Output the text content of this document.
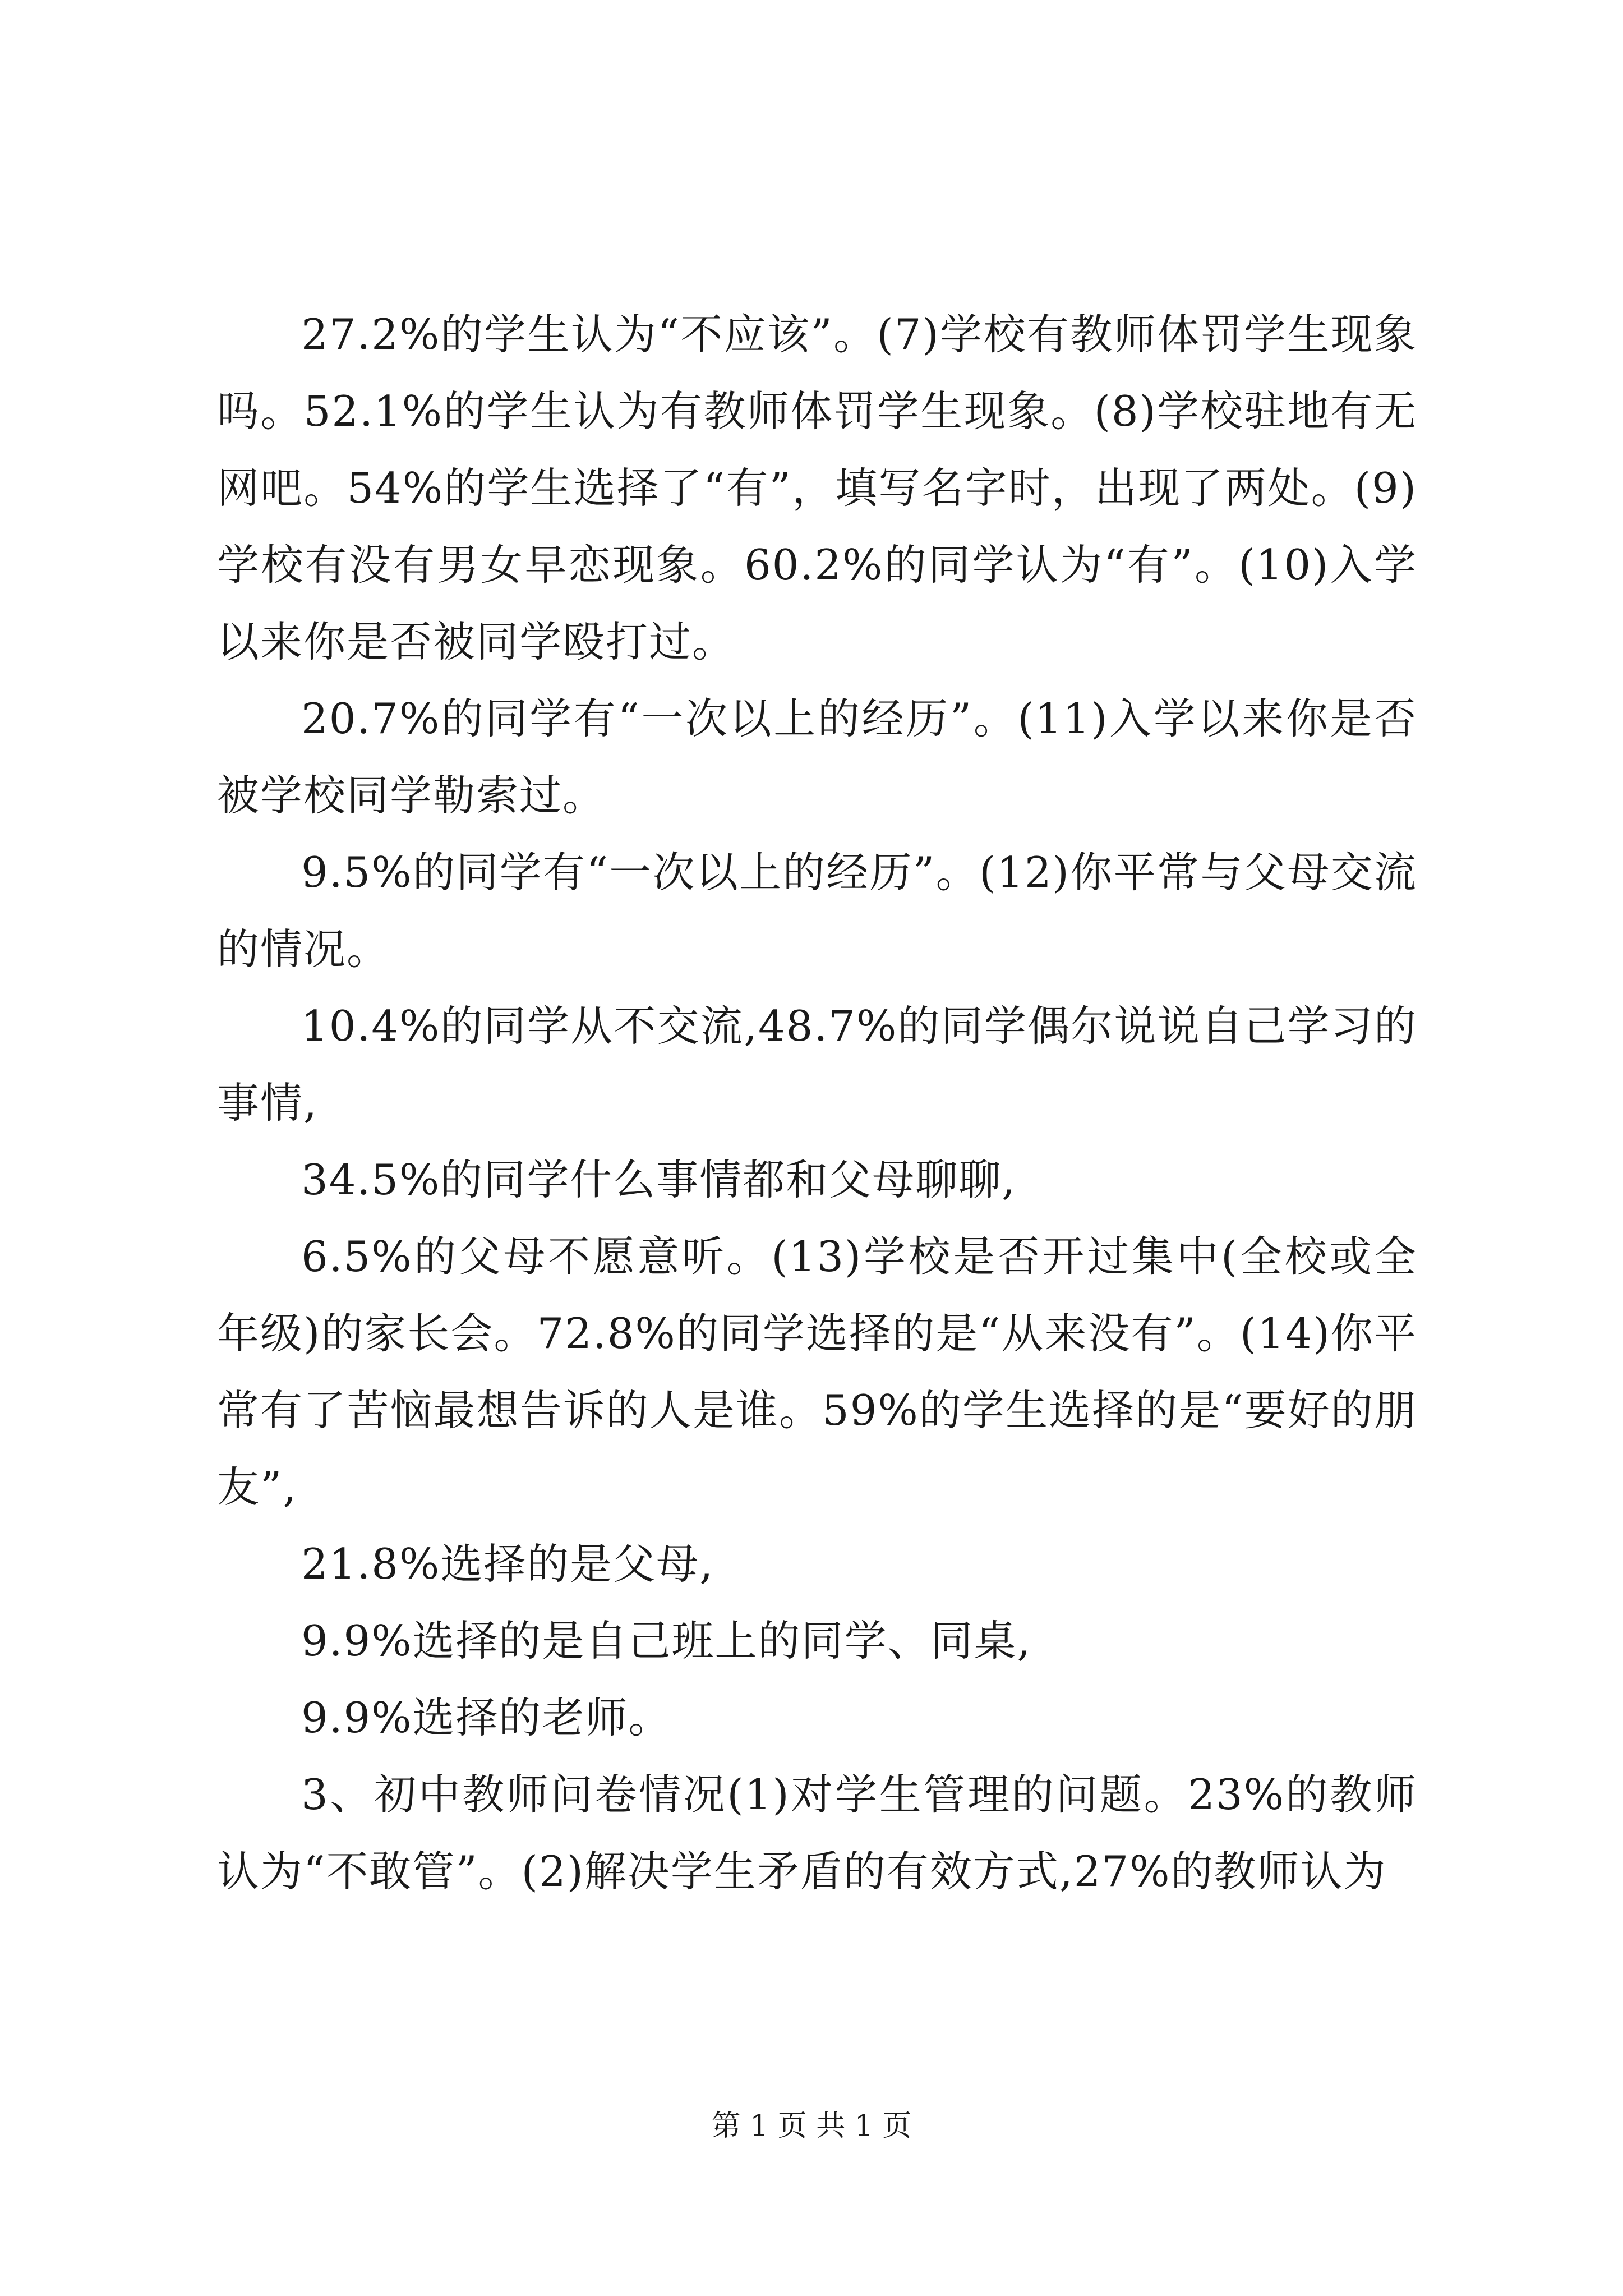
27.2%的学生认为“不应该”。(7)学校有教师体罚学生现象吗。52.1%的学生认为有教师体罚学生现象。(8)学校驻地有无网吧。54%的学生选择了“有”，填写名字时，出现了两处。(9)学校有没有男女早恋现象。60.2%的同学认为“有”。(10)入学以来你是否被同学殴打过。

20.7%的同学有“一次以上的经历”。(11)入学以来你是否被学校同学勒索过。

9.5%的同学有“一次以上的经历”。(12)你平常与父母交流的情况。

10.4%的同学从不交流,48.7%的同学偶尔说说自己学习的事情,

34.5%的同学什么事情都和父母聊聊,

6.5%的父母不愿意听。(13)学校是否开过集中(全校或全年级)的家长会。72.8%的同学选择的是“从来没有”。(14)你平常有了苦恼最想告诉的人是谁。59%的学生选择的是“要好的朋友”,

21.8%选择的是父母,

9.9%选择的是自己班上的同学、同桌,

9.9%选择的老师。

3、初中教师问卷情况(1)对学生管理的问题。23%的教师认为“不敢管”。(2)解决学生矛盾的有效方式,27%的教师认为

第 1 页 共 1 页
